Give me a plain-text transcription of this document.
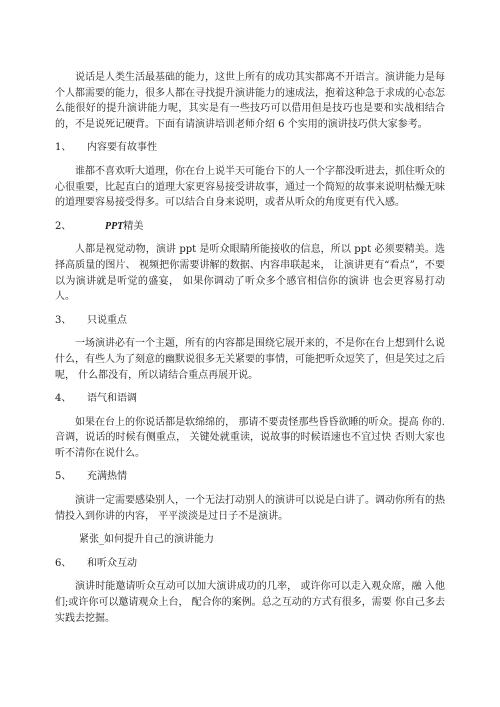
说话是人类生活最基础的能力，这世上所有的成功其实都离不开语言。演讲能力是每个人都需要的能力，很多人都在寻找提升演讲能力的速成法，抱着这种急于求成的心态怎么能很好的提升演讲能力呢，其实是有一些技巧可以借用但是技巧也是要和实战相结合的，不是说死记硬背。下面有请演讲培训老师介绍 6 个实用的演讲技巧供大家参考。

1、	内容要有故事性

谁都不喜欢听大道理，你在台上说半天可能台下的人一个字都没听进去，抓住听众的心很重要，比起直白的道理大家更容易接受讲故事，通过一个简短的故事来说明枯燥无味的道理要容易接受得多。可以结合自身来说明，或者从听众的角度更有代入感。

2、	PPT 精美

人都是视觉动物，演讲 ppt 是听众眼睛所能接收的信息，所以 ppt 必须要精美。选择高质量的图片、 视频把你需要讲解的数据、内容串联起来， 让演讲更有“看点”，不要以为演讲就是听觉的盛宴， 如果你调动了听众多个感官相信你的演讲 也会更容易打动人。

3、	只说重点

一场演讲必有一个主题，所有的内容都是围绕它展开来的，不是你在台上想到什么说什么，有些人为了刻意的幽默说很多无关紧要的事情，可能把听众逗笑了，但是笑过之后呢， 什么都没有，所以请结合重点再展开说。

4、	语气和语调

如果在台上的你说话都是软绵绵的， 那请不要责怪那些昏昏欲睡的听众。提高 你的. 音调，说话的时候有侧重点， 关键处就重读，说故事的时候语速也不宜过快 否则大家也听不清你在说什么。

5、	充满热情

演讲一定需要感染别人，一个无法打动别人的演讲可以说是白讲了。调动你所有的热情投入到你讲的内容， 平平淡淡是过日子不是演讲。

紧张_如何提升自己的演讲能力

6、	和听众互动

演讲时能邀请听众互动可以加大演讲成功的几率， 或许你可以走入观众席，融 入他们;或许你可以邀请观众上台， 配合你的案例。总之互动的方式有很多，需要 你自己多去实践去挖掘。
